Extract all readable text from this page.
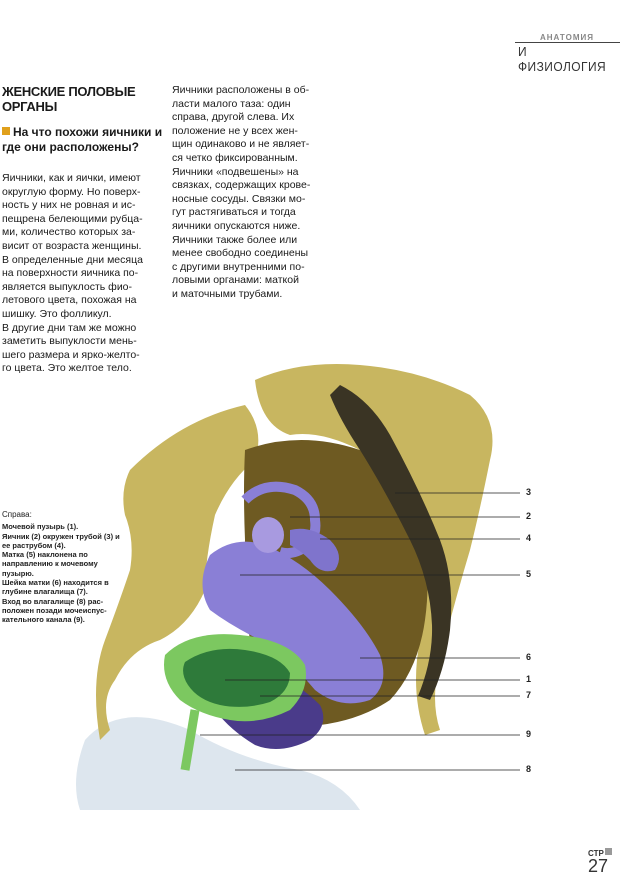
АНАТОМИЯ
И ФИЗИОЛОГИЯ
ЖЕНСКИЕ ПОЛОВЫЕ ОРГАНЫ
На что похожи яичники и где они расположены?

Яичники, как и яички, имеют
округлую форму. Но поверх-
ность у них не ровная и ис-
пещрена белеющими рубца-
ми, количество которых за-
висит от возраста женщины.

В определенные дни месяца
на поверхности яичника по-
является выпуклость фио-
летового цвета, похожая на
шишку. Это фолликул.

В другие дни там же можно
заметить выпуклости мень-
шего размера и ярко-желто-
го цвета. Это желтое тело.

Яичники расположены в об-
ласти малого таза: один
справа, другой слева. Их
положение не у всех жен-
щин одинаково и не являет-
ся четко фиксированным.

Яичники «подвешены» на
связках, содержащих крове-
носные сосуды. Связки мо-
гут растягиваться и тогда
яичники опускаются ниже.

Яичники также более или
менее свободно соединены
с другими внутренними по-
ловыми органами: маткой
и маточными трубами.

3
2
4
5
6
1
7
9
8
Справа:

Мочевой пузырь (1).

Яичник (2) окружен трубой (3) и ее раструбом (4).

Матка (5) наклонена по направлению к мочевому пузырю.

Шейка матки (6) находится в глубине влагалища (7).

Вход во влагалище (8) рас- положен позади мочеиспус- кательного канала (9).

СТР
27
